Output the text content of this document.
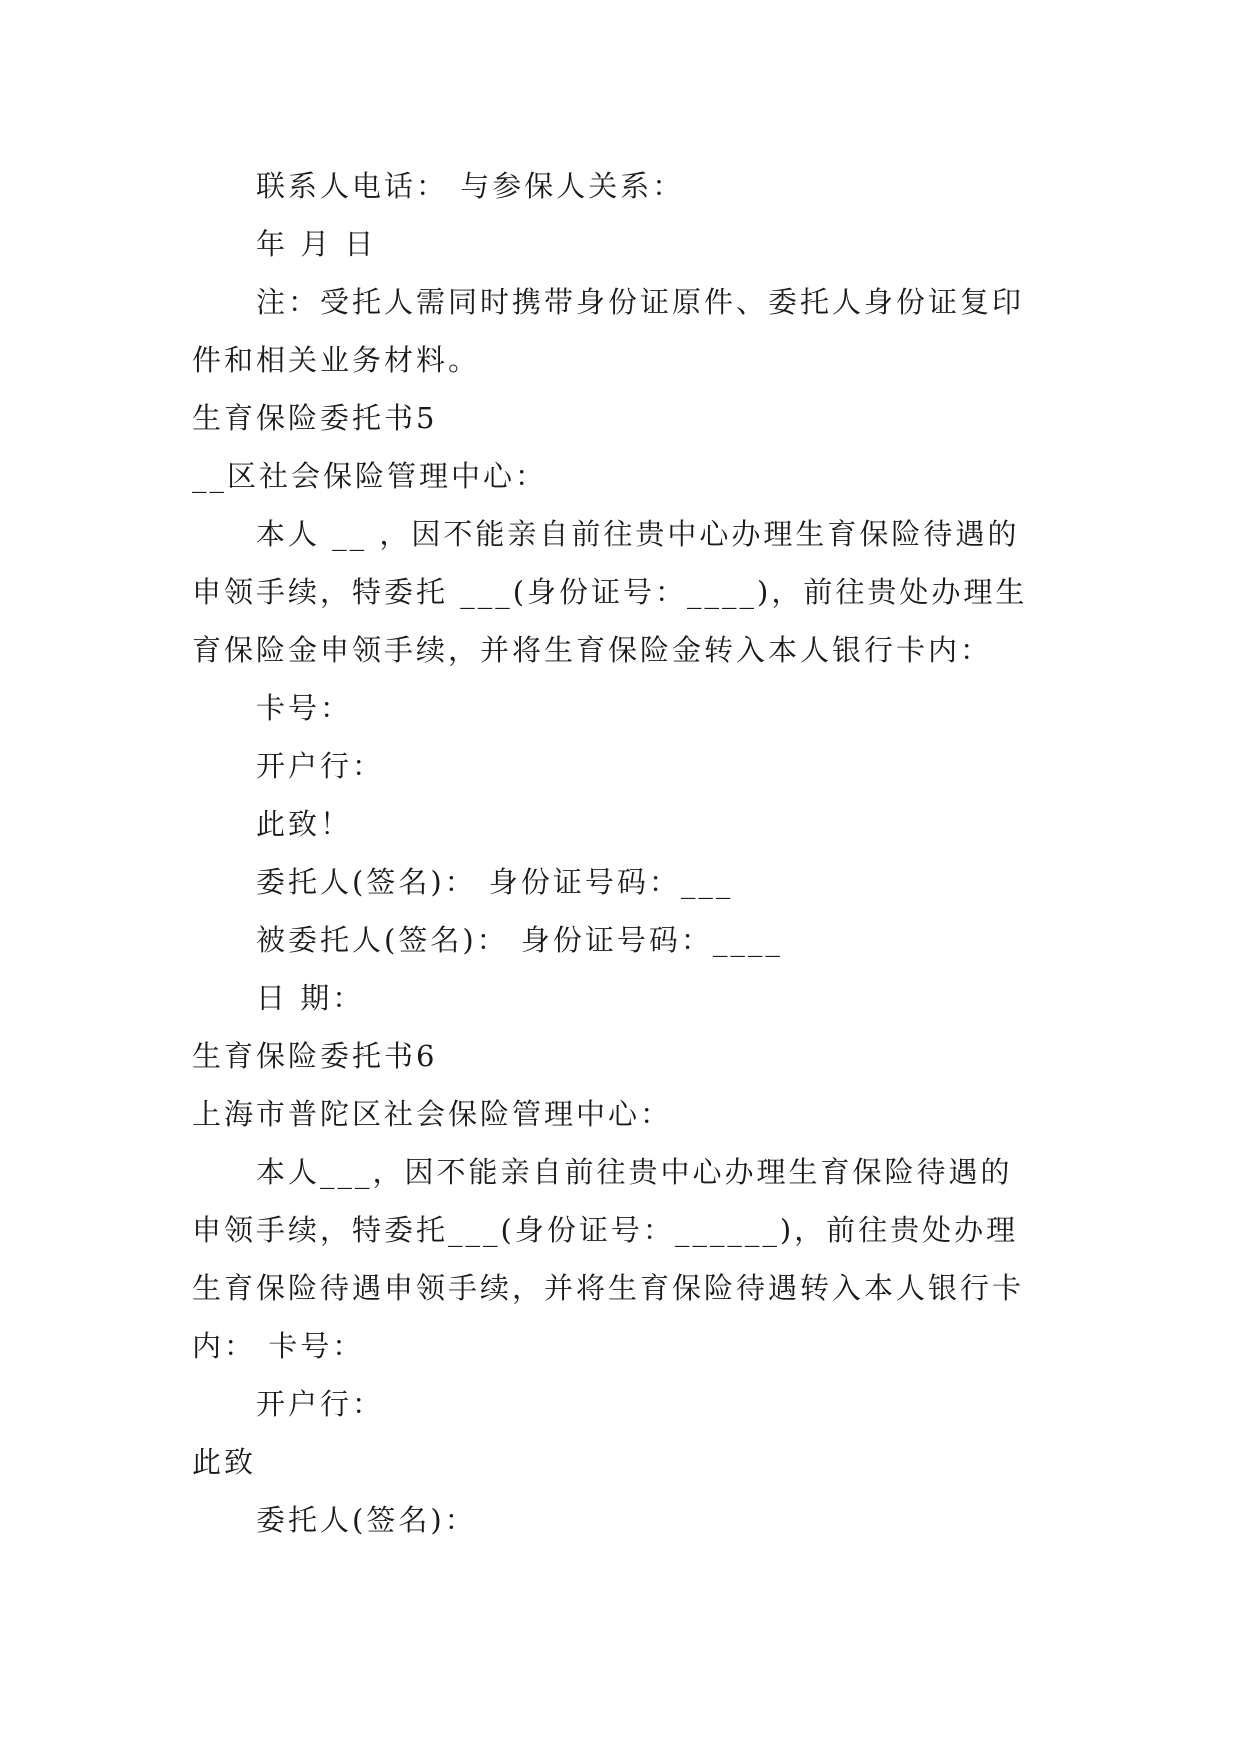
联系人电话： 与参保人关系：
年 月 日
注：受托人需同时携带身份证原件、委托人身份证复印
件和相关业务材料。
生育保险委托书5
__区社会保险管理中心：
本人 __ ，因不能亲自前往贵中心办理生育保险待遇的
申领手续，特委托 ___(身份证号：____)，前往贵处办理生
育保险金申领手续，并将生育保险金转入本人银行卡内：
卡号：
开户行：
此致！
委托人(签名)： 身份证号码：___
被委托人(签名)： 身份证号码：____
日 期：
生育保险委托书6
上海市普陀区社会保险管理中心：
本人___，因不能亲自前往贵中心办理生育保险待遇的
申领手续，特委托___(身份证号：______)，前往贵处办理
生育保险待遇申领手续，并将生育保险待遇转入本人银行卡
内： 卡号：
开户行：
此致
委托人(签名)：
